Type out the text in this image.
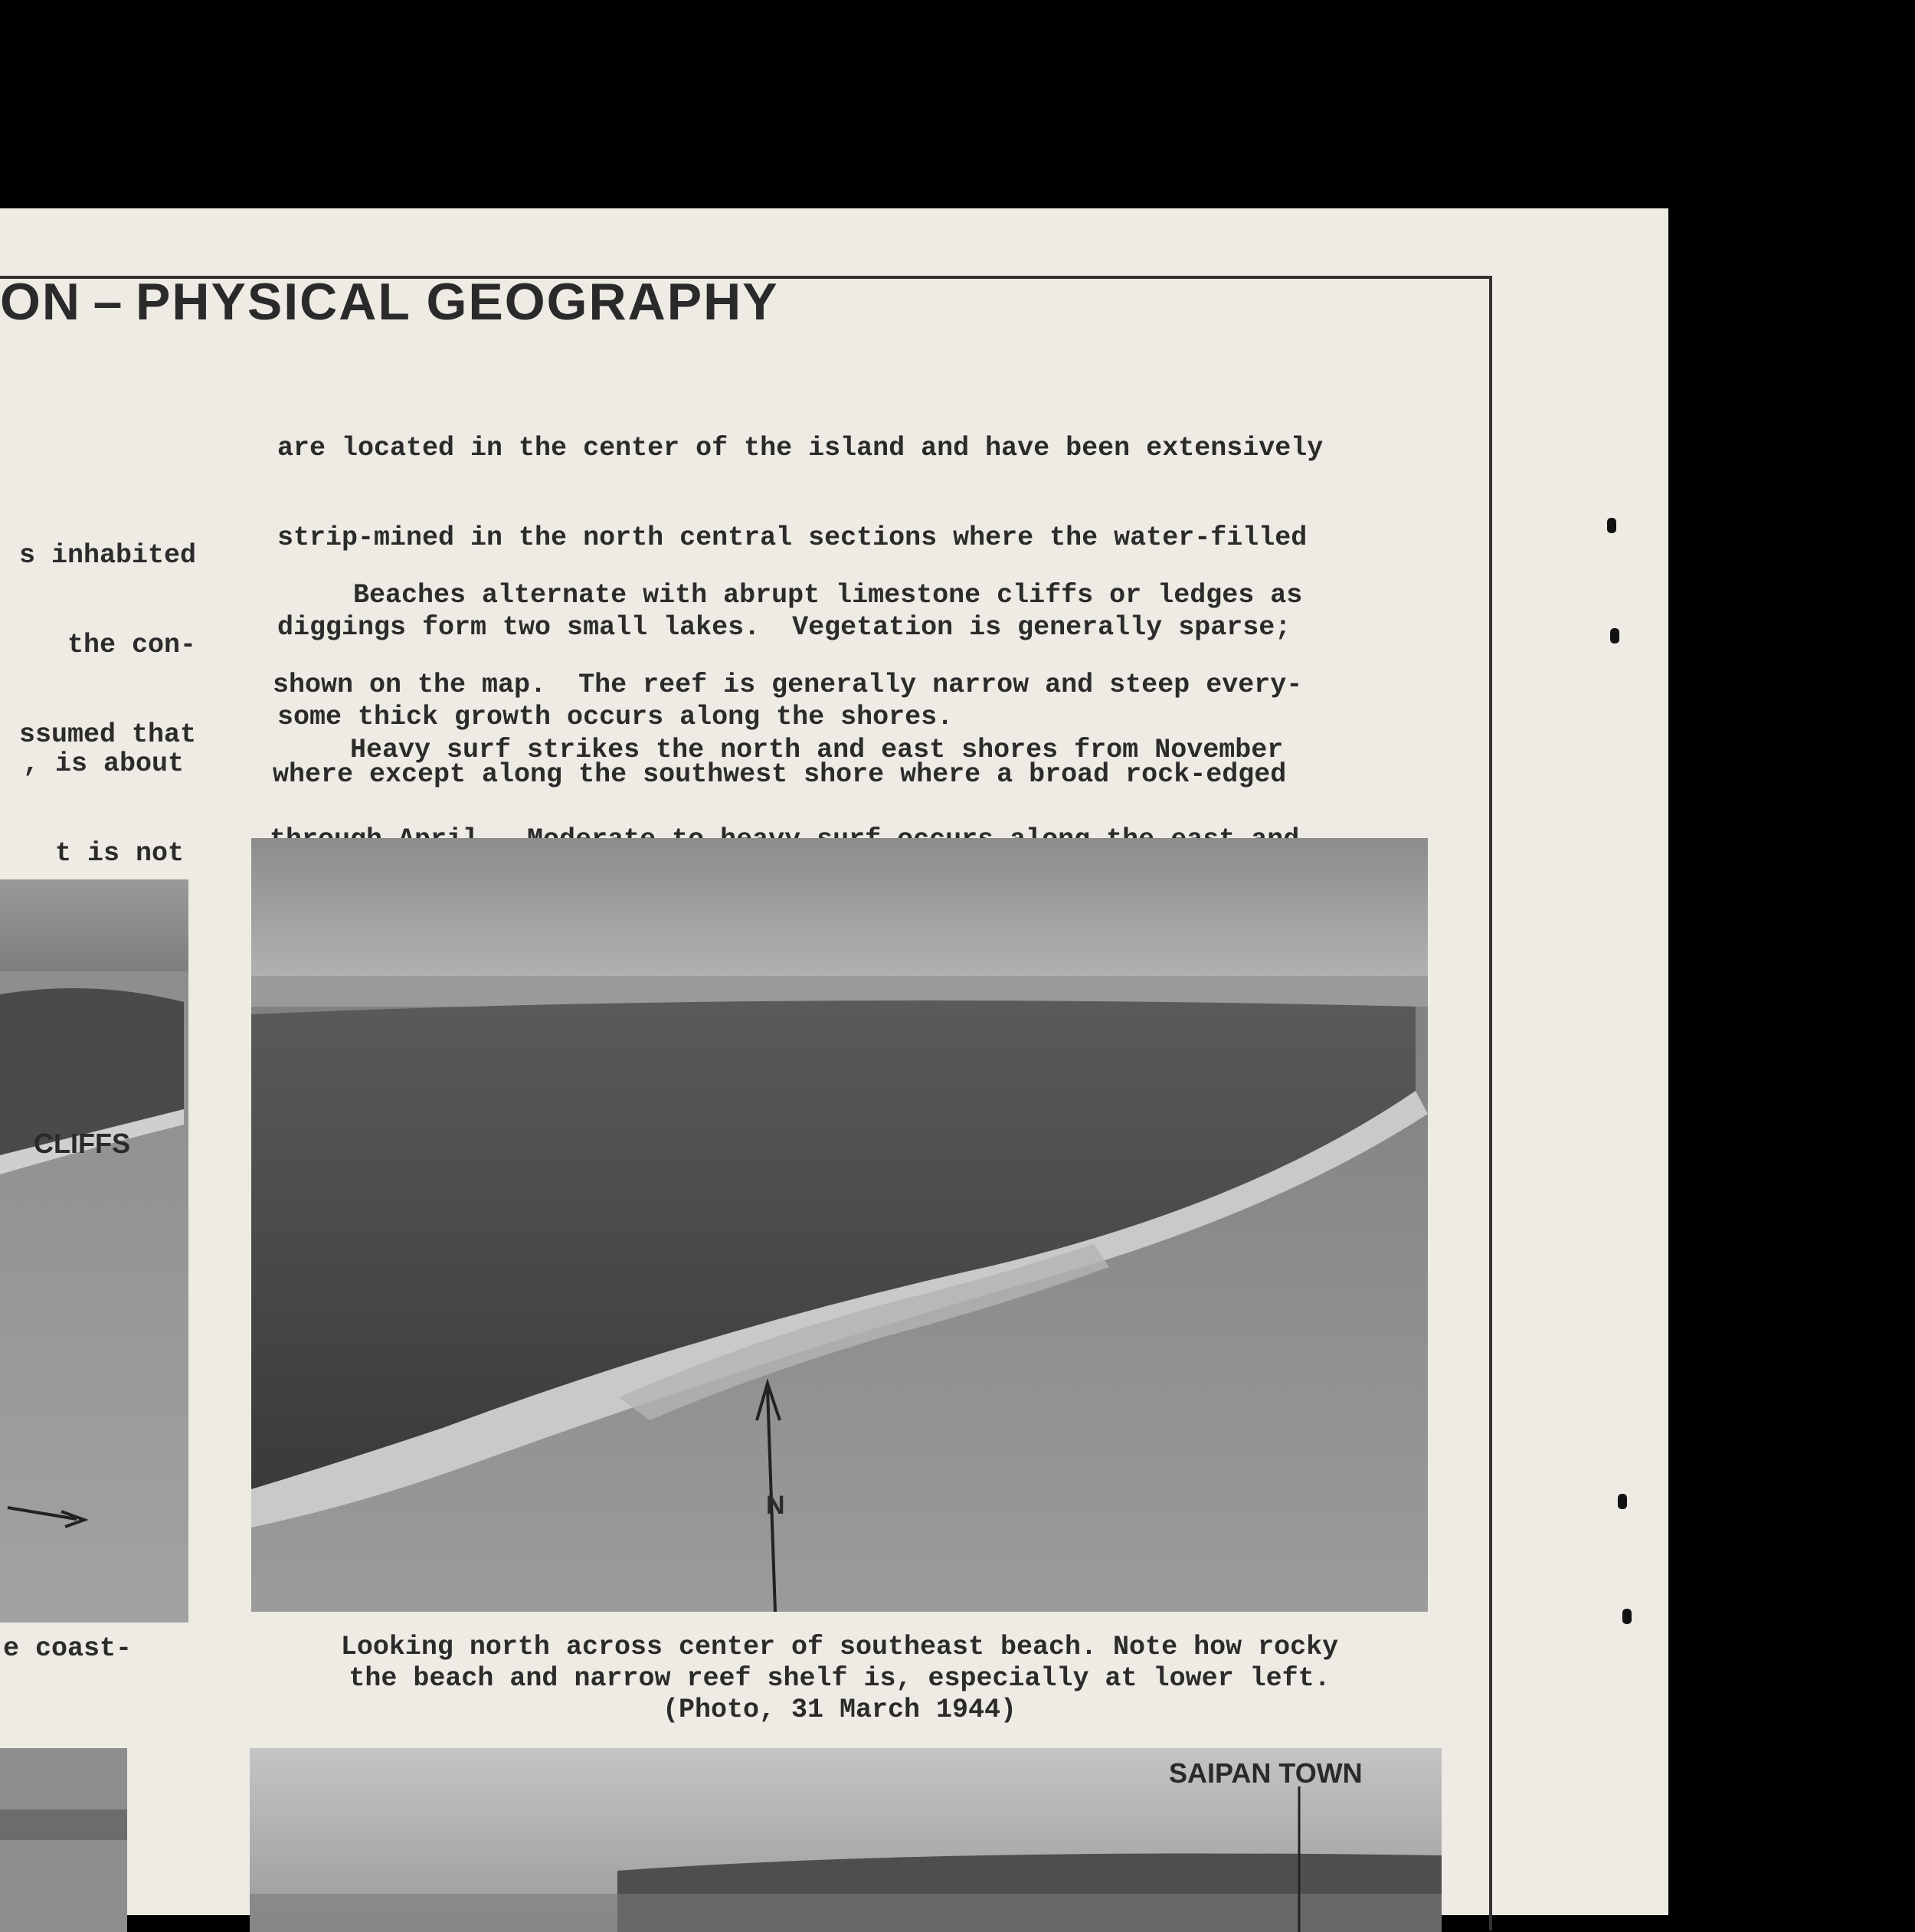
ON – PHYSICAL GEOGRAPHY

s inhabited

the con-

ssumed that

, is about

t is not

are located in the center of the island and have been extensively

strip-mined in the north central sections where the water-filled

diggings form two small lakes.  Vegetation is generally sparse;

some thick growth occurs along the shores.

Beaches alternate with abrupt limestone cliffs or ledges as

shown on the map.  The reef is generally narrow and steep every-

where except along the southwest shore where a broad rock-edged

Heavy surf strikes the north and east shores from November

CLIFFS
e coast-
N
Looking north across center of southeast beach. Note how rocky
the beach and narrow reef shelf is, especially at lower left.
(Photo, 31 March 1944)
SAIPAN TOWN
